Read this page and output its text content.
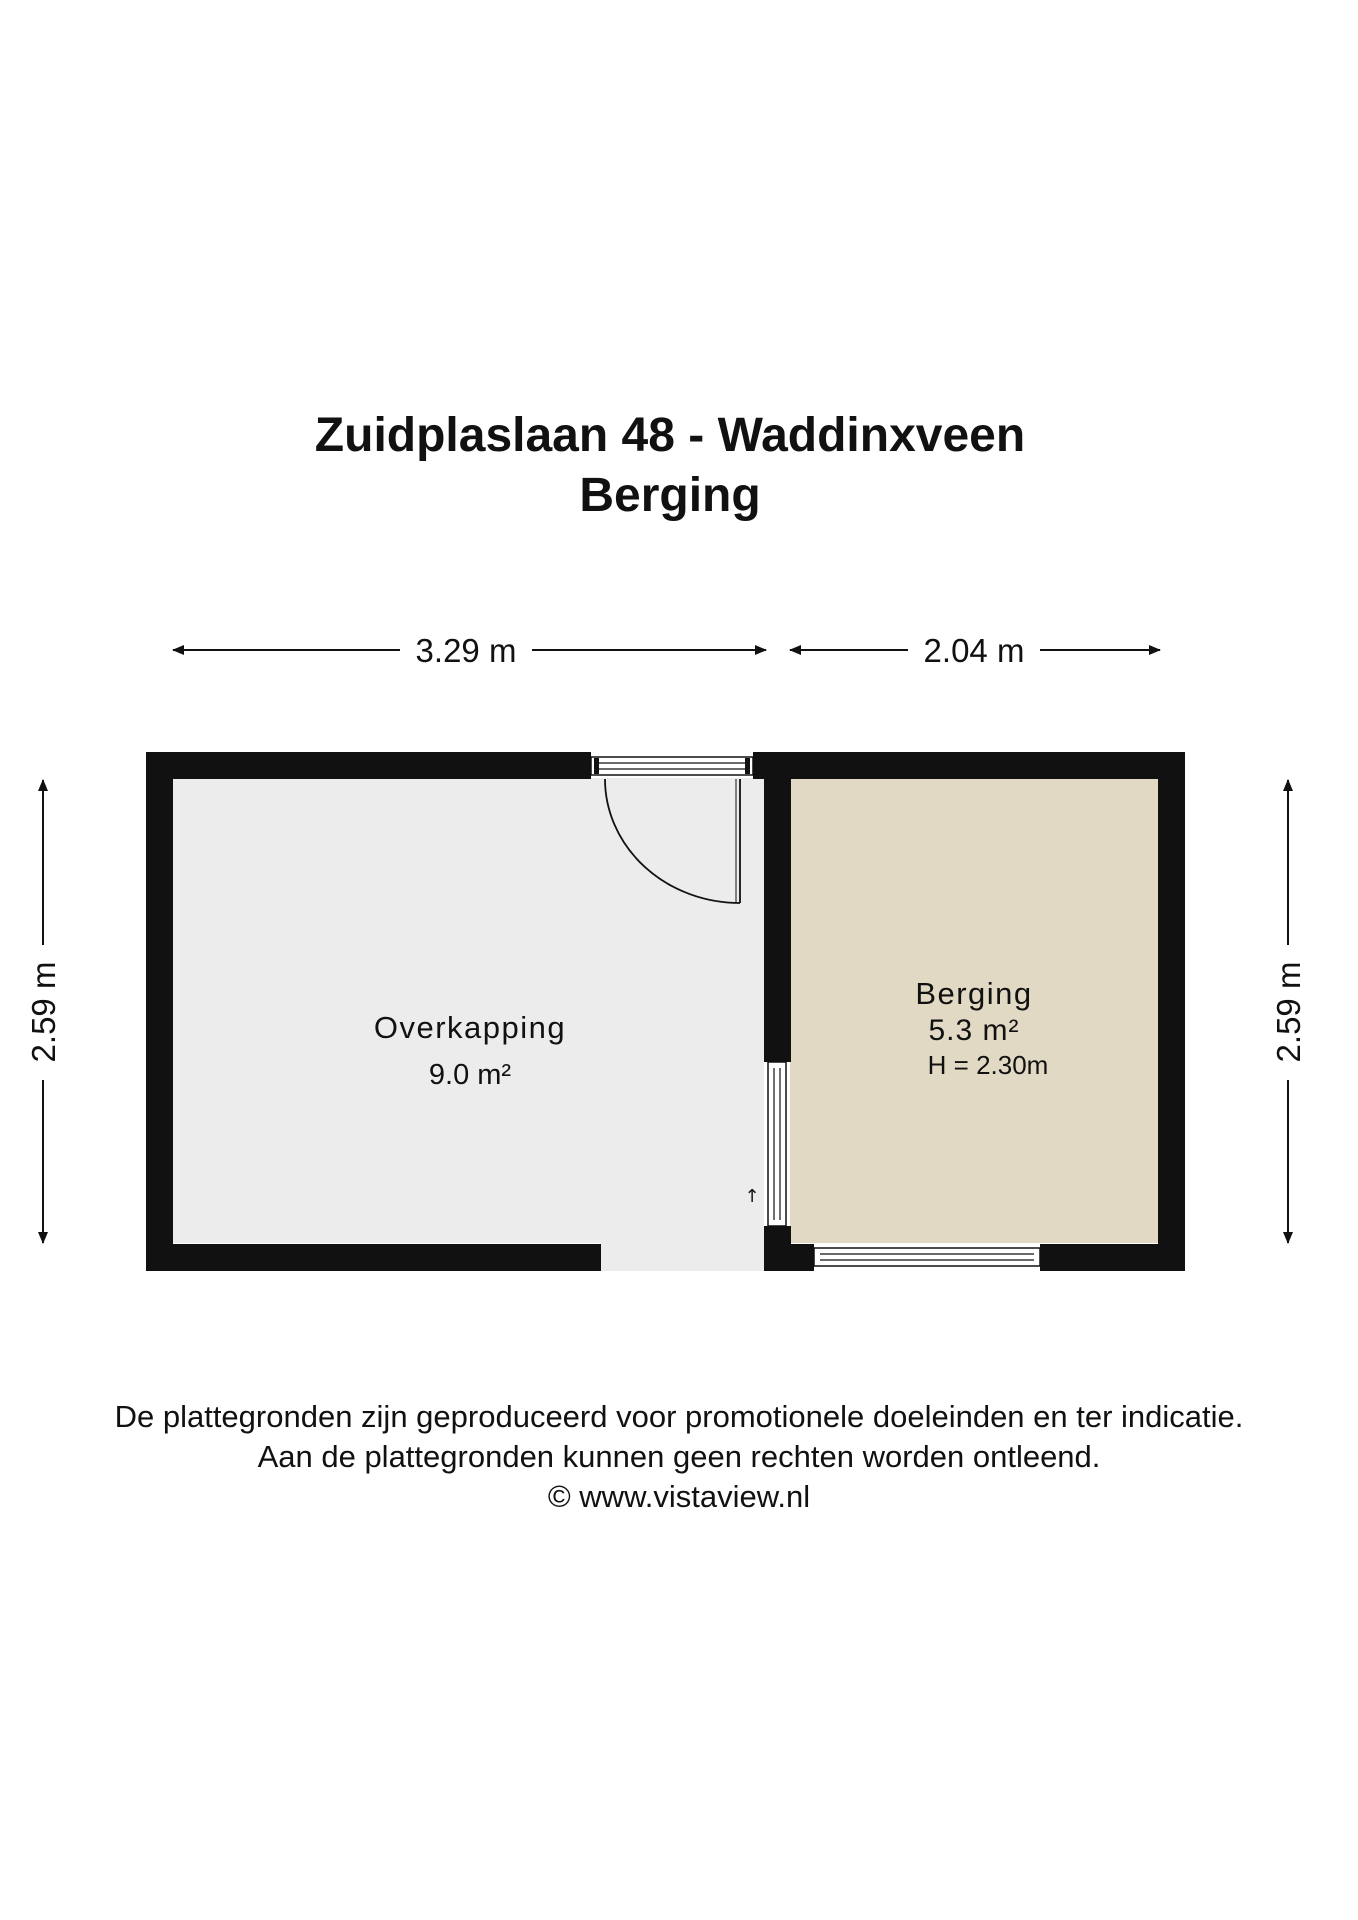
Zuidplaslaan 48 - Waddinxveen
Berging
3.29 m	2.04 m
2.59 m	2.59 m
Overkapping
9.0 m²
Berging
5.3 m²
H = 2.30m
↑
De plattegronden zijn geproduceerd voor promotionele doeleinden en ter indicatie.
Aan de plattegronden kunnen geen rechten worden ontleend.
© www.vistaview.nl
